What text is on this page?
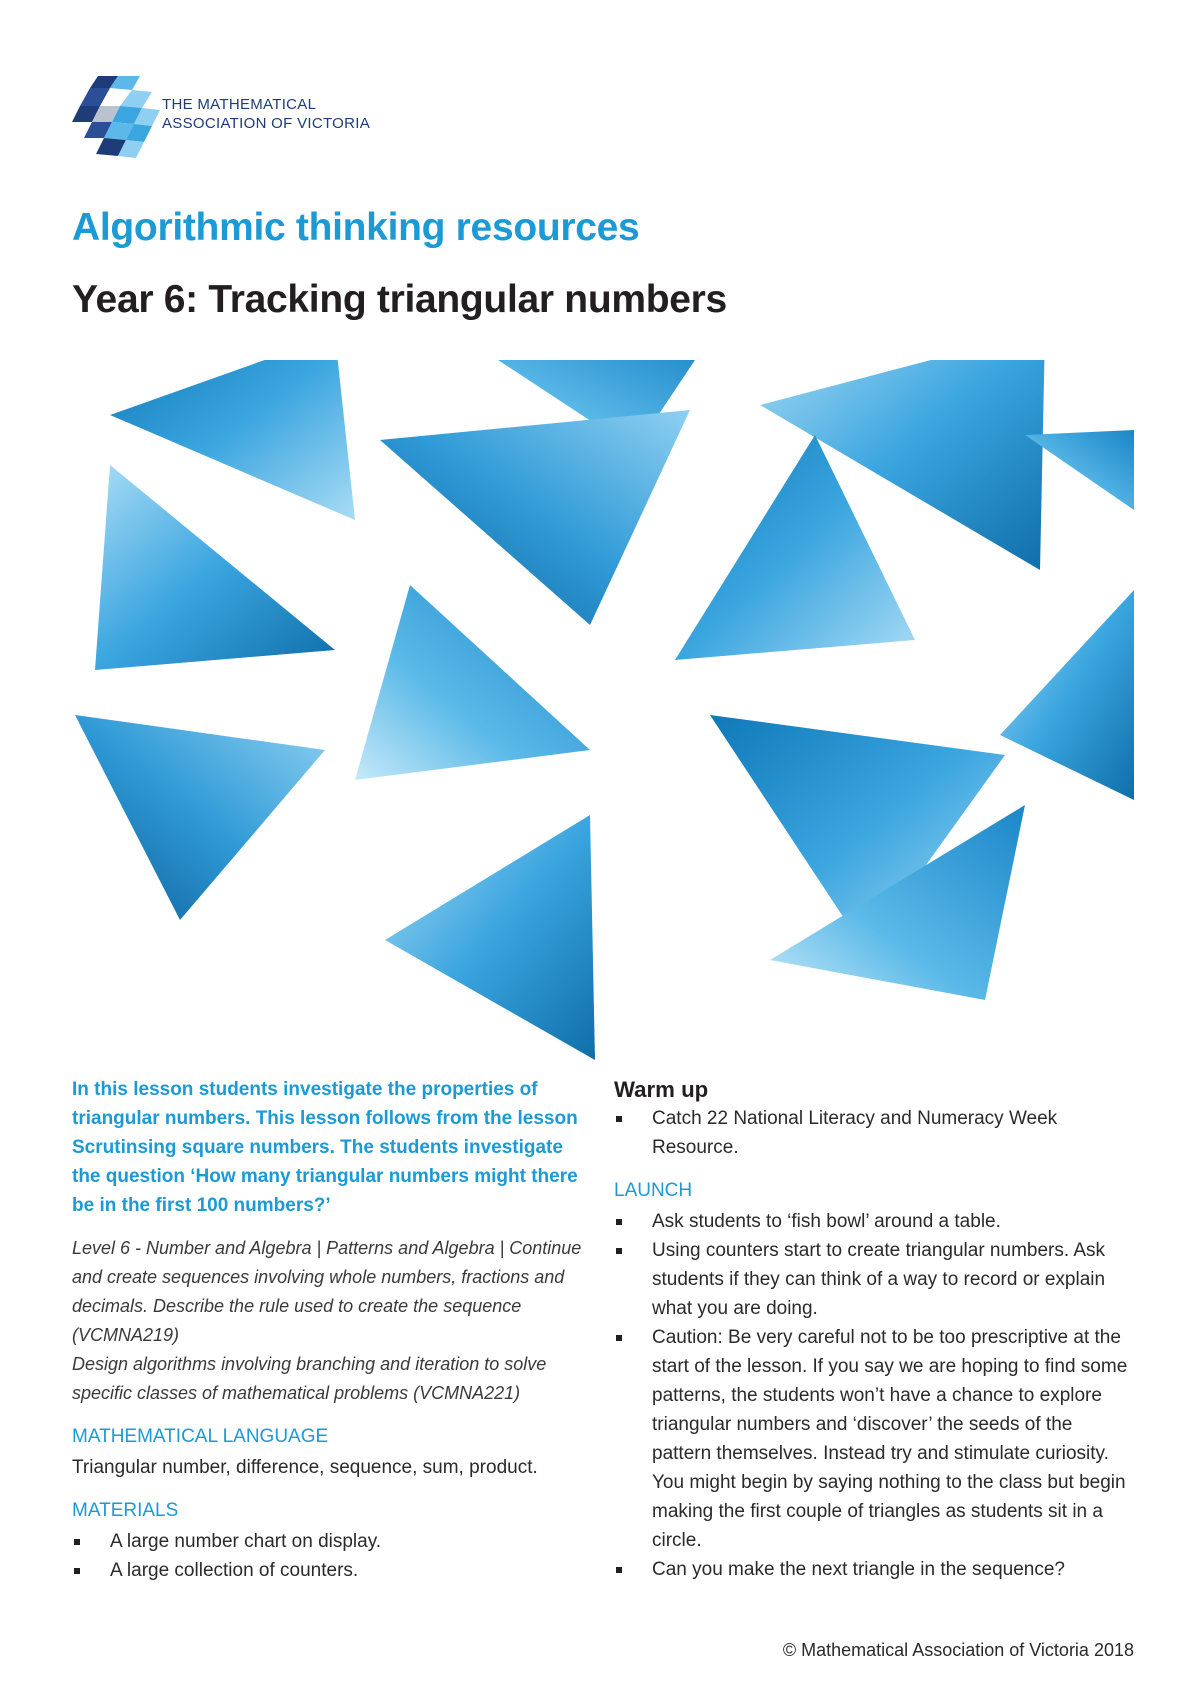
THE MATHEMATICAL
ASSOCIATION OF VICTORIA
Algorithmic thinking resources
Year 6: Tracking triangular numbers

In this lesson students investigate the properties of triangular numbers. This lesson follows from the lesson Scrutinsing square numbers. The students investigate the question ‘How many triangular numbers might there be in the first 100 numbers?’

Level 6 - Number and Algebra | Patterns and Algebra | Continue and create sequences involving whole numbers, fractions and decimals. Describe the rule used to create the sequence (VCMNA219)
Design algorithms involving branching and iteration to solve specific classes of mathematical problems (VCMNA221)

MATHEMATICAL LANGUAGE

Triangular number, difference, sequence, sum, product.

MATERIALS
A large number chart on display.
A large collection of counters.
Warm up
Catch 22 National Literacy and Numeracy Week Resource.
LAUNCH
Ask students to ‘fish bowl’ around a table.
Using counters start to create triangular numbers. Ask students if they can think of a way to record or explain what you are doing.
Caution: Be very careful not to be too prescriptive at the start of the lesson. If you say we are hoping to find some patterns, the students won’t have a chance to explore triangular numbers and ‘discover’ the seeds of the pattern themselves. Instead try and stimulate curiosity. You might begin by saying nothing to the class but begin making the first couple of triangles as students sit in a circle.
Can you make the next triangle in the sequence?
© Mathematical Association of Victoria 2018
